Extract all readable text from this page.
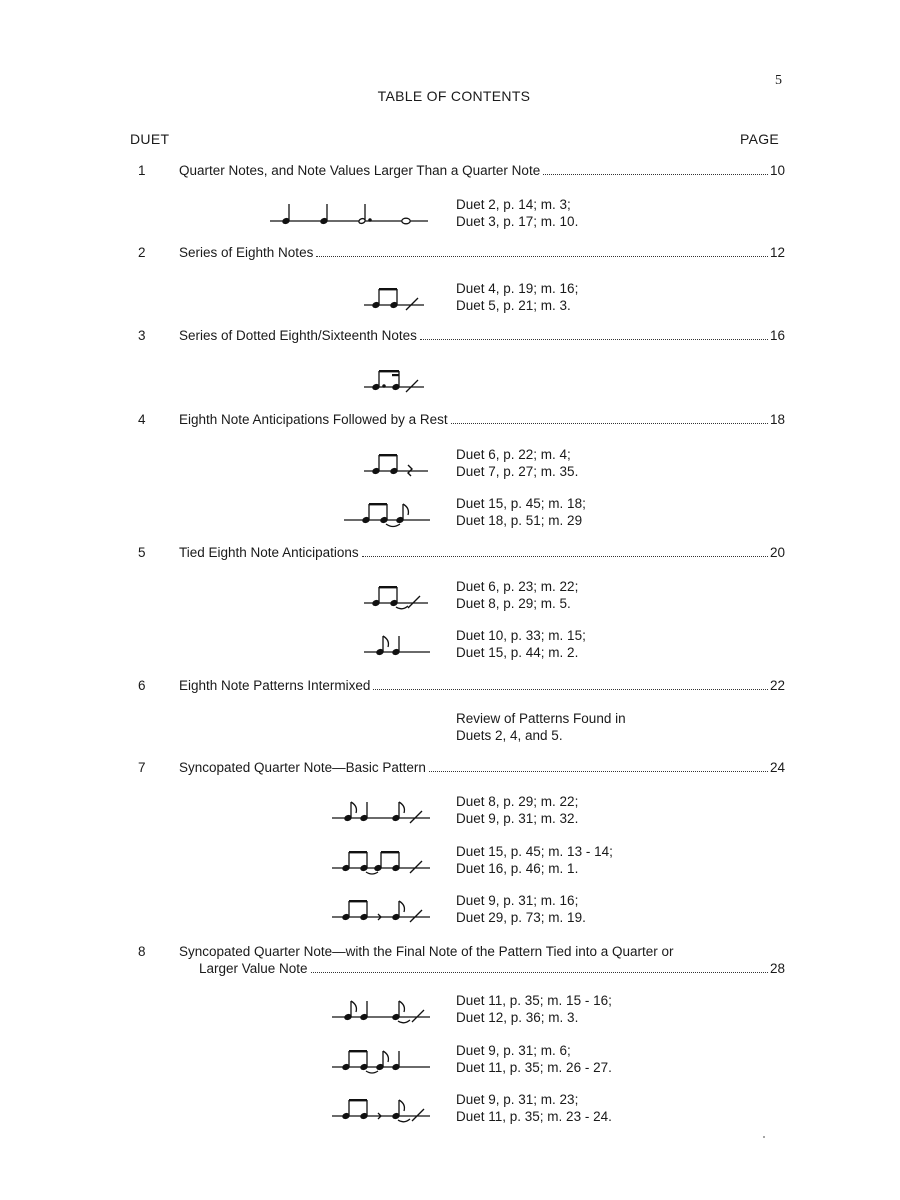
5
TABLE OF CONTENTS
DUET	PAGE
1 Quarter Notes, and Note Values Larger Than a Quarter Note	10
Duet 2, p. 14; m. 3;
Duet 3, p. 17; m. 10.
2 Series of Eighth Notes	12
Duet 4, p. 19; m. 16;
Duet 5, p. 21; m. 3.
3 Series of Dotted Eighth/Sixteenth Notes	16
4 Eighth Note Anticipations Followed by a Rest	18
Duet 6, p. 22; m. 4;
Duet 7, p. 27; m. 35.
Duet 15, p. 45; m. 18;
Duet 18, p. 51; m. 29
5 Tied Eighth Note Anticipations	20
Duet 6, p. 23; m. 22;
Duet 8, p. 29; m. 5.
Duet 10, p. 33; m. 15;
Duet 15, p. 44; m. 2.
6 Eighth Note Patterns Intermixed	22
Review of Patterns Found in
Duets 2, 4, and 5.
7 Syncopated Quarter Note—Basic Pattern	24
Duet 8, p. 29; m. 22;
Duet 9, p. 31; m. 32.
Duet 15, p. 45; m. 13 - 14;
Duet 16, p. 46; m. 1.
Duet 9, p. 31; m. 16;
Duet 29, p. 73; m. 19.
8 Syncopated Quarter Note—with the Final Note of the Pattern Tied into a Quarter or
Larger Value Note	28
Duet 11, p. 35; m. 15 - 16;
Duet 12, p. 36; m. 3.
Duet 9, p. 31; m. 6;
Duet 11, p. 35; m. 26 - 27.
Duet 9, p. 31; m. 23;
Duet 11, p. 35; m. 23 - 24.
